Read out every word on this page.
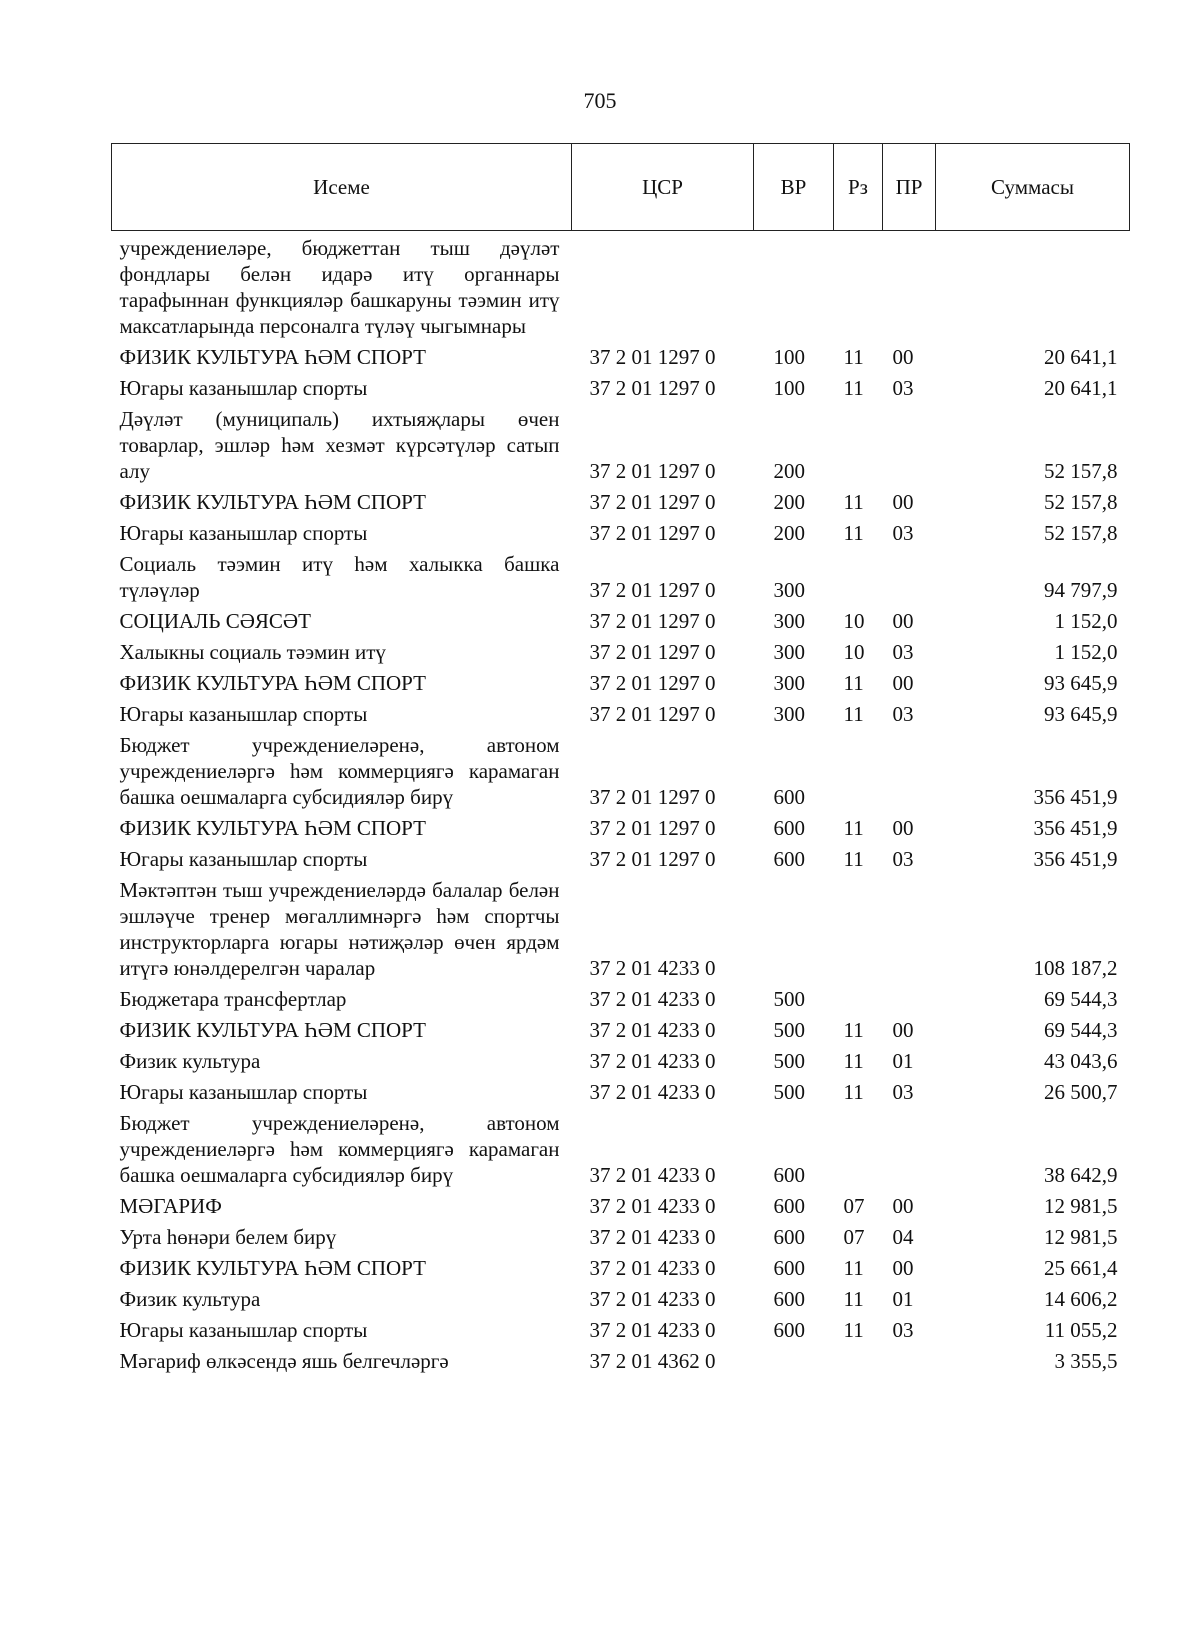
705
Исеме	ЦСР	ВР	Рз	ПР	Суммасы
учреждениеләре, бюджеттан тыш дәүләт фондлары белән идарә итү органнары тарафыннан функцияләр башкаруны тәэмин итү максатларында персоналга түләү чыгымнары					
ФИЗИК КУЛЬТУРА ҺӘМ СПОРТ	37 2 01 1297 0	100	11	00	20 641,1
Югары казанышлар спорты	37 2 01 1297 0	100	11	03	20 641,1
Дәүләт (муниципаль) ихтыяҗлары өчен товарлар, эшләр һәм хезмәт күрсәтүләр сатып алу	37 2 01 1297 0	200			52 157,8
ФИЗИК КУЛЬТУРА ҺӘМ СПОРТ	37 2 01 1297 0	200	11	00	52 157,8
Югары казанышлар спорты	37 2 01 1297 0	200	11	03	52 157,8
Социаль тәэмин итү һәм халыкка башка түләүләр	37 2 01 1297 0	300			94 797,9
СОЦИАЛЬ СӘЯСӘТ	37 2 01 1297 0	300	10	00	1 152,0
Халыкны социаль тәэмин итү	37 2 01 1297 0	300	10	03	1 152,0
ФИЗИК КУЛЬТУРА ҺӘМ СПОРТ	37 2 01 1297 0	300	11	00	93 645,9
Югары казанышлар спорты	37 2 01 1297 0	300	11	03	93 645,9
Бюджет учреждениеләренә, автоном учреждениеләргә һәм коммерциягә карамаган башка оешмаларга субсидияләр бирү	37 2 01 1297 0	600			356 451,9
ФИЗИК КУЛЬТУРА ҺӘМ СПОРТ	37 2 01 1297 0	600	11	00	356 451,9
Югары казанышлар спорты	37 2 01 1297 0	600	11	03	356 451,9
Мәктәптән тыш учреждениеләрдә балалар белән эшләүче тренер мөгаллимнәргә һәм спортчы инструкторларга югары нәтиҗәләр өчен ярдәм итүгә юнәлдерелгән чаралар	37 2 01 4233 0				108 187,2
Бюджетара трансфертлар	37 2 01 4233 0	500			69 544,3
ФИЗИК КУЛЬТУРА ҺӘМ СПОРТ	37 2 01 4233 0	500	11	00	69 544,3
Физик культура	37 2 01 4233 0	500	11	01	43 043,6
Югары казанышлар спорты	37 2 01 4233 0	500	11	03	26 500,7
Бюджет учреждениеләренә, автоном учреждениеләргә һәм коммерциягә карамаган башка оешмаларга субсидияләр бирү	37 2 01 4233 0	600			38 642,9
МӘГАРИФ	37 2 01 4233 0	600	07	00	12 981,5
Урта һөнәри белем бирү	37 2 01 4233 0	600	07	04	12 981,5
ФИЗИК КУЛЬТУРА ҺӘМ СПОРТ	37 2 01 4233 0	600	11	00	25 661,4
Физик культура	37 2 01 4233 0	600	11	01	14 606,2
Югары казанышлар спорты	37 2 01 4233 0	600	11	03	11 055,2
Мәгариф өлкәсендә яшь белгечләргә	37 2 01 4362 0				3 355,5
